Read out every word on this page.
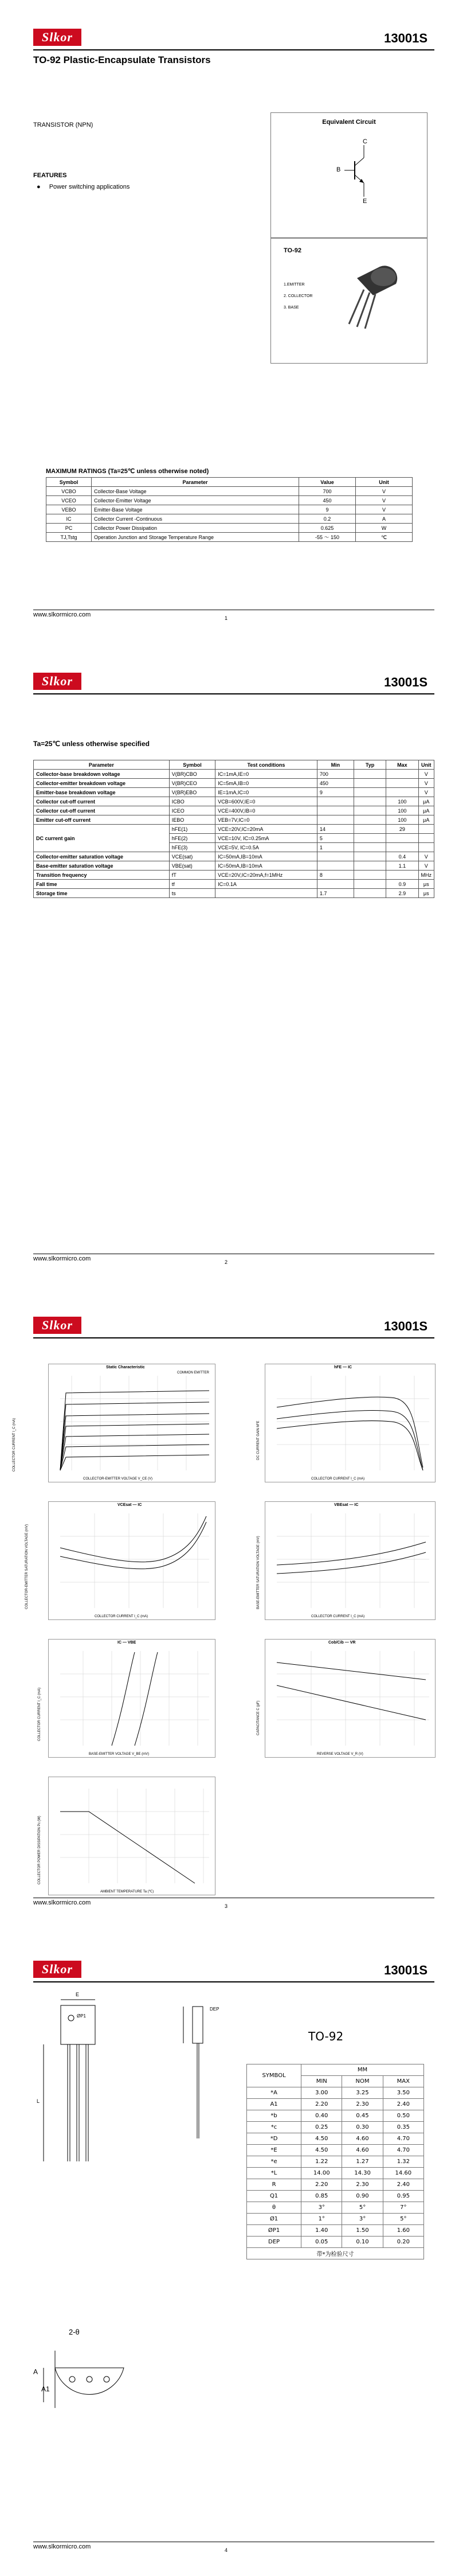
Slkor	13001S
TO-92 Plastic-Encapsulate Transistors
TRANSISTOR (NPN)
FEATURES
● Power switching applications
Equivalent Circuit
C
B
E
TO-92
1.EMITTER
2. COLLECTOR
3. BASE
MAXIMUM RATINGS (Ta=25℃ unless otherwise noted)
Symbol	Parameter	Value	Unit
VCBO	Collector-Base Voltage	700	V
VCEO	Collector-Emitter Voltage	450	V
VEBO	Emitter-Base Voltage	9	V
IC	Collector Current -Continuous	0.2	A
PC	Collector Power Dissipation	0.625	W
TJ,Tstg	Operation Junction and Storage Temperature Range	-55 ～ 150	℃
www.slkormicro.com	1
Slkor	13001S
Ta=25℃ unless otherwise specified
Parameter	Symbol	Test conditions	Min	Typ	Max	Unit
Collector-base breakdown voltage	V(BR)CBO	IC=1mA,IE=0	700			V
Collector-emitter breakdown voltage	V(BR)CEO	IC=5mA,IB=0	450			V
Emitter-base breakdown voltage	V(BR)EBO	IE=1mA,IC=0	9			V
Collector cut-off current	ICBO	VCB=600V,IE=0			100	μA
Collector cut-off current	ICEO	VCE=400V,IB=0			100	μA
Emitter cut-off current	IEBO	VEB=7V,IC=0			100	μA
DC current gain	hFE(1)	VCE=20V,IC=20mA	14		29	
	hFE(2)	VCE=10V, IC=0.25mA	5			
	hFE(3)	VCE=5V, IC=0.5A	1			
Collector-emitter saturation voltage	VCE(sat)	IC=50mA,IB=10mA			0.4	V
Base-emitter saturation voltage	VBE(sat)	IC=50mA,IB=10mA			1.1	V
Transition frequency	fT	VCE=20V,IC=20mA,f=1MHz	8			MHz
Fall time	tf	IC=0.1A			0.9	μs
Storage time	ts		1.7		2.9	μs
www.slkormicro.com	2
Slkor	13001S
Static Characteristic
COMMON EMITTER
COLLECTOR-EMITTER VOLTAGE V_CE (V)
COLLECTOR CURRENT I_C (mA)
hFE — IC
COLLECTOR CURRENT I_C (mA)
DC CURRENT GAIN hFE
VCEsat — IC
COLLECTOR CURRENT I_C (mA)
COLLECTOR-EMITTER SATURATION VOLTAGE (mV)
VBEsat — IC
COLLECTOR CURRENT I_C (mA)
BASE-EMITTER SATURATION VOLTAGE (mV)
IC — VBE
BASE-EMITTER VOLTAGE V_BE (mV)
COLLECTOR CURRENT I_C (mA)
Cob/Cib — VR
REVERSE VOLTAGE V_R (V)
CAPACITANCE C (pF)
AMBIENT TEMPERATURE Ta (℃)
COLLECTOR POWER DISSIPATION Pc (W)
www.slkormicro.com	3
Slkor	13001S
E
ØP1
L
DEP
2-θ
A
A1
TO-92
SYMBOL	MM		
	MIN	NOM	MAX
*A	3.00	3.25	3.50
A1	2.20	2.30	2.40
*b	0.40	0.45	0.50
*c	0.25	0.30	0.35
*D	4.50	4.60	4.70
*E	4.50	4.60	4.70
*e	1.22	1.27	1.32
*L	14.00	14.30	14.60
R	2.20	2.30	2.40
Q1	0.85	0.90	0.95
θ	3°	5°	7°
Ø1	1°	3°	5°
ØP1	1.40	1.50	1.60
DEP	0.05	0.10	0.20
带*为检验尺寸			
www.slkormicro.com	4
